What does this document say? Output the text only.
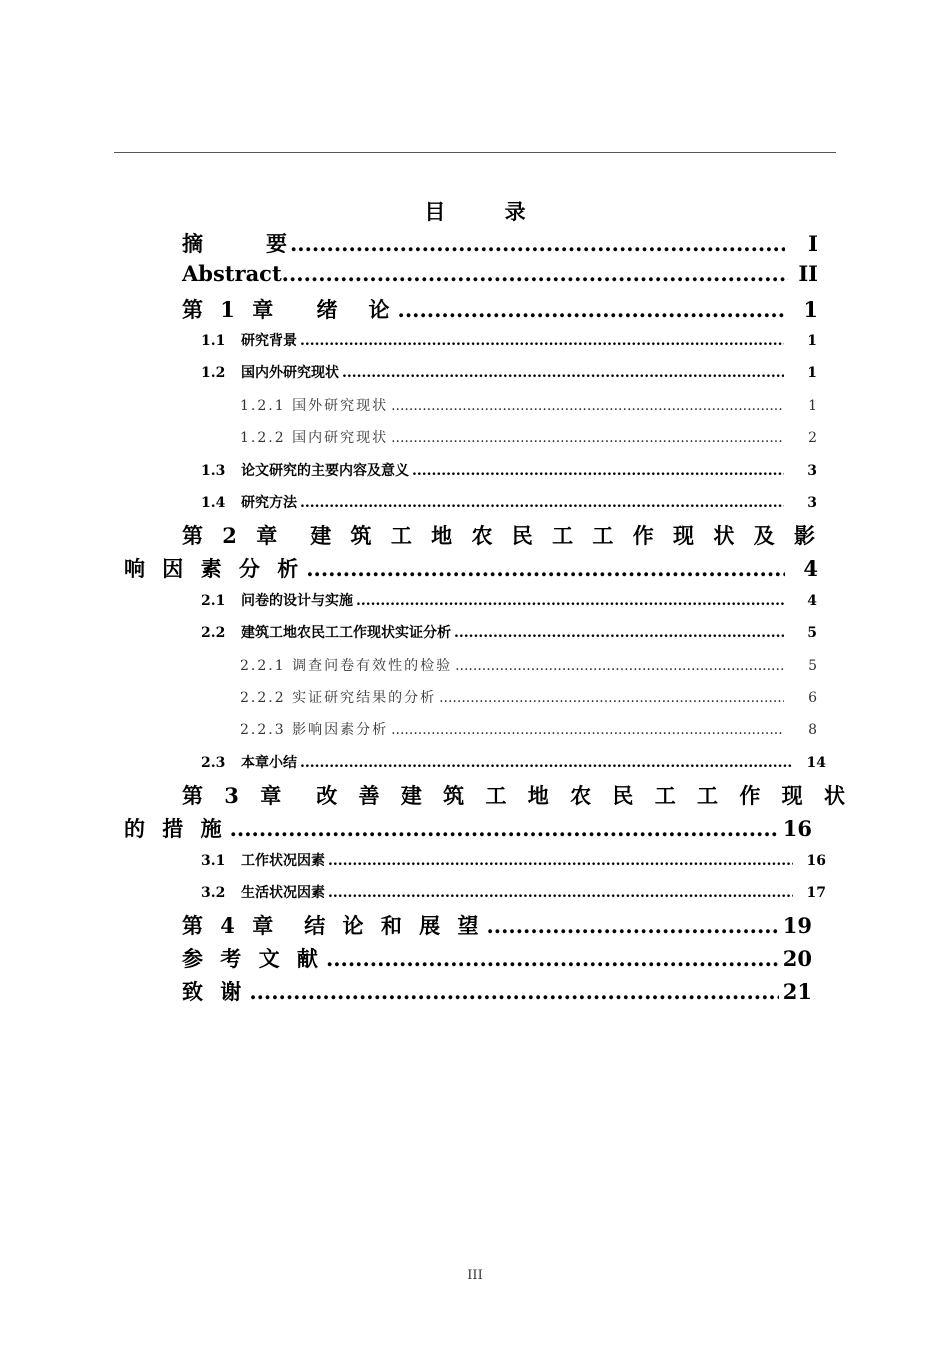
目 录
摘　　　要 .....	I
Abstract .....	II
第 1 章　 绪　论 .....	1
1.1 研究背景 .....	1
1.2 国内外研究现状 .....	1
1.2.1 国外研究现状 .....	1
1.2.2 国内研究现状 .....	2
1.3 论文研究的主要内容及意义 .....	3
1.4 研究方法 .....	3
第 2 章　建 筑 工 地 农 民 工 工 作 现 状 及 影
响 因 素 分 析 .....	4
2.1 问卷的设计与实施 .....	4
2.2 建筑工地农民工工作现状实证分析 .....	5
2.2.1 调查问卷有效性的检验 .....	5
2.2.2 实证研究结果的分析 .....	6
2.2.3 影响因素分析 .....	8
2.3 本章小结 .....	14
第 3 章　改 善 建 筑 工 地 农 民 工 工 作 现 状
的 措 施 .....	16
3.1 工作状况因素 .....	16
3.2 生活状况因素 .....	17
第 4 章　结 论 和 展 望 .....	19
参 考 文 献 .....	20
致 谢 .....	21
III
